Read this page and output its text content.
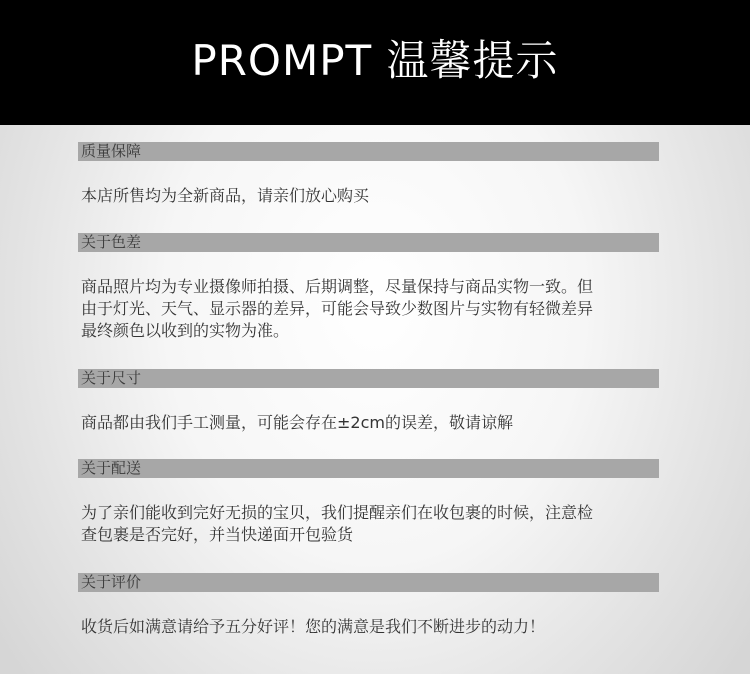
PROMPT 温馨提示
质量保障
本店所售均为全新商品，请亲们放心购买
关于色差
商品照片均为专业摄像师拍摄、后期调整，尽量保持与商品实物一致。但
由于灯光、天气、显示器的差异，可能会导致少数图片与实物有轻微差异
最终颜色以收到的实物为准。
关于尺寸
商品都由我们手工测量，可能会存在±2cm的误差，敬请谅解
关于配送
为了亲们能收到完好无损的宝贝，我们提醒亲们在收包裹的时候，注意检
查包裹是否完好，并当快递面开包验货
关于评价
收货后如满意请给予五分好评！您的满意是我们不断进步的动力！
